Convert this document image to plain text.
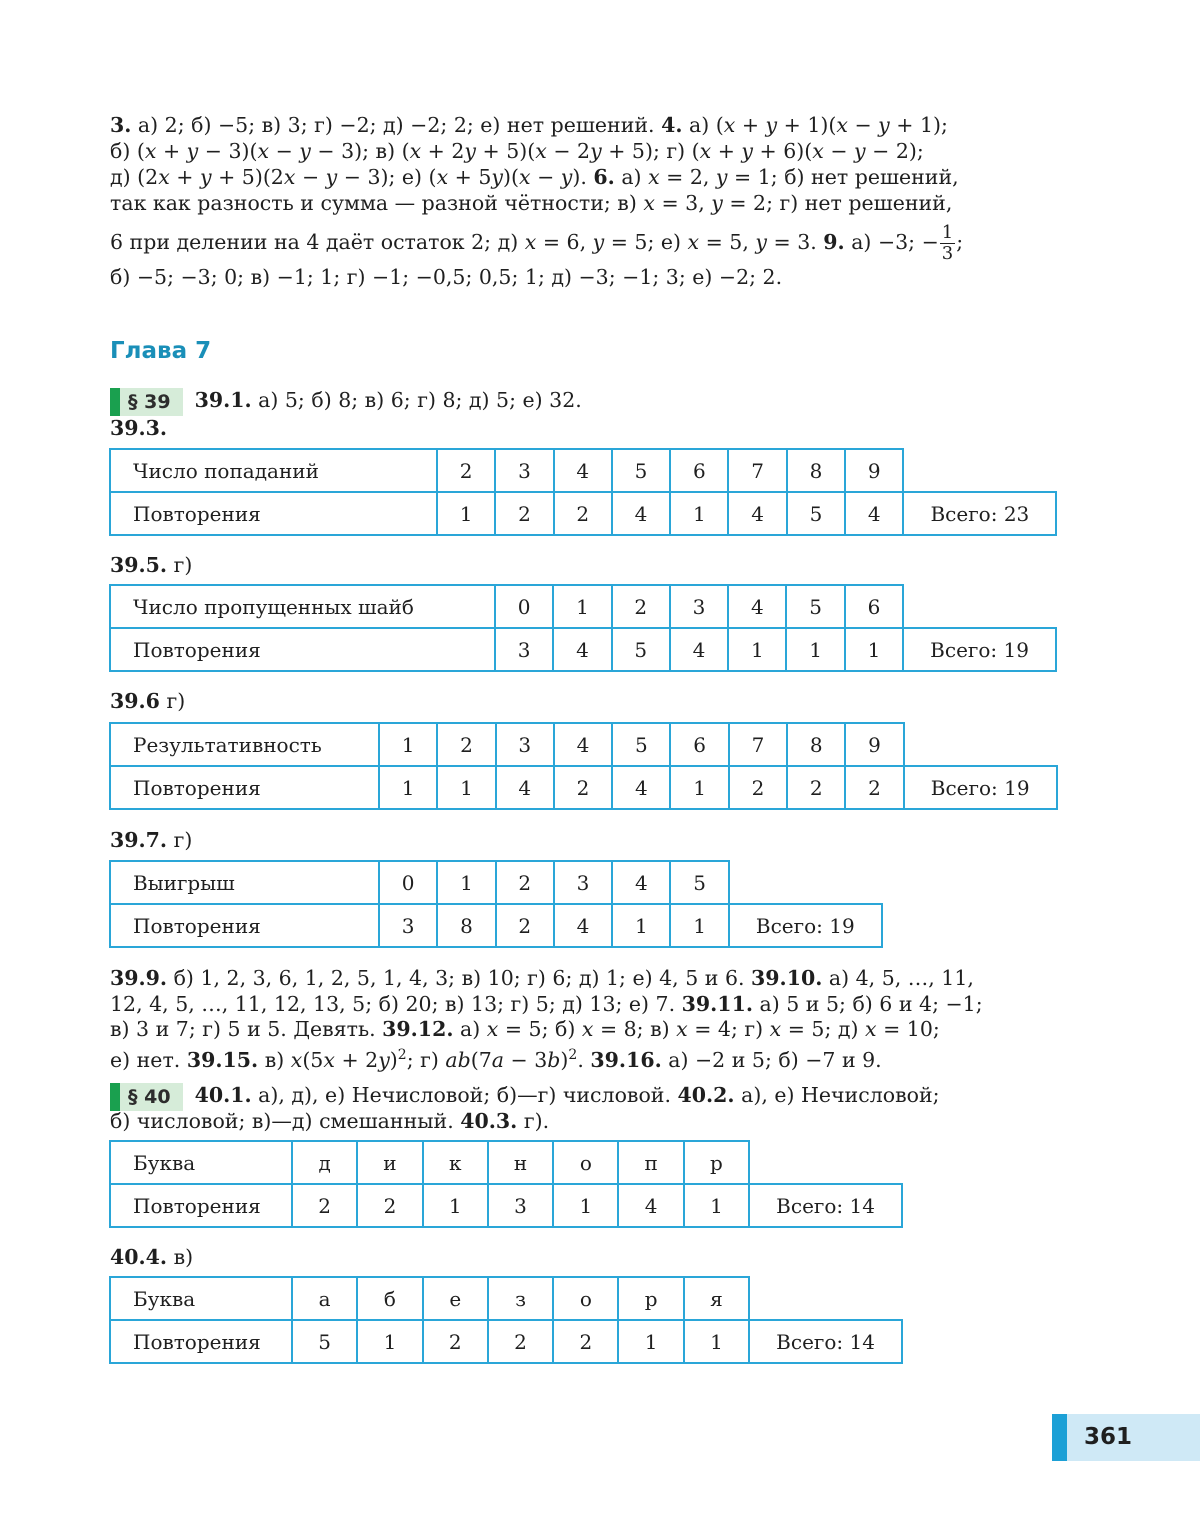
3. а) 2; б) −5; в) 3; г) −2; д) −2; 2; е) нет решений. 4. а) (x + y + 1)(x − y + 1);
б) (x + y − 3)(x − y − 3); в) (x + 2y + 5)(x − 2y + 5); г) (x + y + 6)(x − y − 2);
д) (2x + y + 5)(2x − y − 3); е) (x + 5y)(x − y). 6. а) x = 2, y = 1; б) нет решений,
так как разность и сумма — разной чётности; в) x = 3, y = 2; г) нет решений,
6 при делении на 4 даёт остаток 2; д) x = 6, y = 5; е) x = 5, y = 3. 9. а) −3; − $\frac{1}{3}$ ;
б) −5; −3; 0; в) −1; 1; г) −1; −0,5; 0,5; 1; д) −3; −1; 3; е) −2; 2.
Глава 7
§ 39	39.1. а) 5; б) 8; в) 6; г) 8; д) 5; е) 32.
39.3.
Число попаданий	2	3	4	5	6	7	8	9	
Повторения	1	2	2	4	1	4	5	4	Всего: 23
39.5. г)
Число пропущенных шайб	0	1	2	3	4	5	6	
Повторения	3	4	5	4	1	1	1	Всего: 19
39.6 г)
Результативность	1	2	3	4	5	6	7	8	9	
Повторения	1	1	4	2	4	1	2	2	2	Всего: 19
39.7. г)
Выигрыш	0	1	2	3	4	5	
Повторения	3	8	2	4	1	1	Всего: 19
39.9. б) 1, 2, 3, 6, 1, 2, 5, 1, 4, 3; в) 10; г) 6; д) 1; е) 4, 5 и 6. 39.10. а) 4, 5, …, 11,
12, 4, 5, …, 11, 12, 13, 5; б) 20; в) 13; г) 5; д) 13; е) 7. 39.11. а) 5 и 5; б) 6 и 4; −1;
в) 3 и 7; г) 5 и 5. Девять. 39.12. а) x = 5; б) x = 8; в) x = 4; г) x = 5; д) x = 10;
е) нет. 39.15. в) $x(5x + 2y)^2$; г) $ab(7a - 3b)^2$. 39.16. а) −2 и 5; б) −7 и 9.
§ 40	40.1. а), д), е) Нечисловой; б)—г) числовой. 40.2. а), е) Нечисловой;
б) числовой; в)—д) смешанный. 40.3. г).
Буква	д	и	к	н	о	п	р	
Повторения	2	2	1	3	1	4	1	Всего: 14
40.4. в)
Буква	а	б	е	з	о	р	я	
Повторения	5	1	2	2	2	1	1	Всего: 14
361
